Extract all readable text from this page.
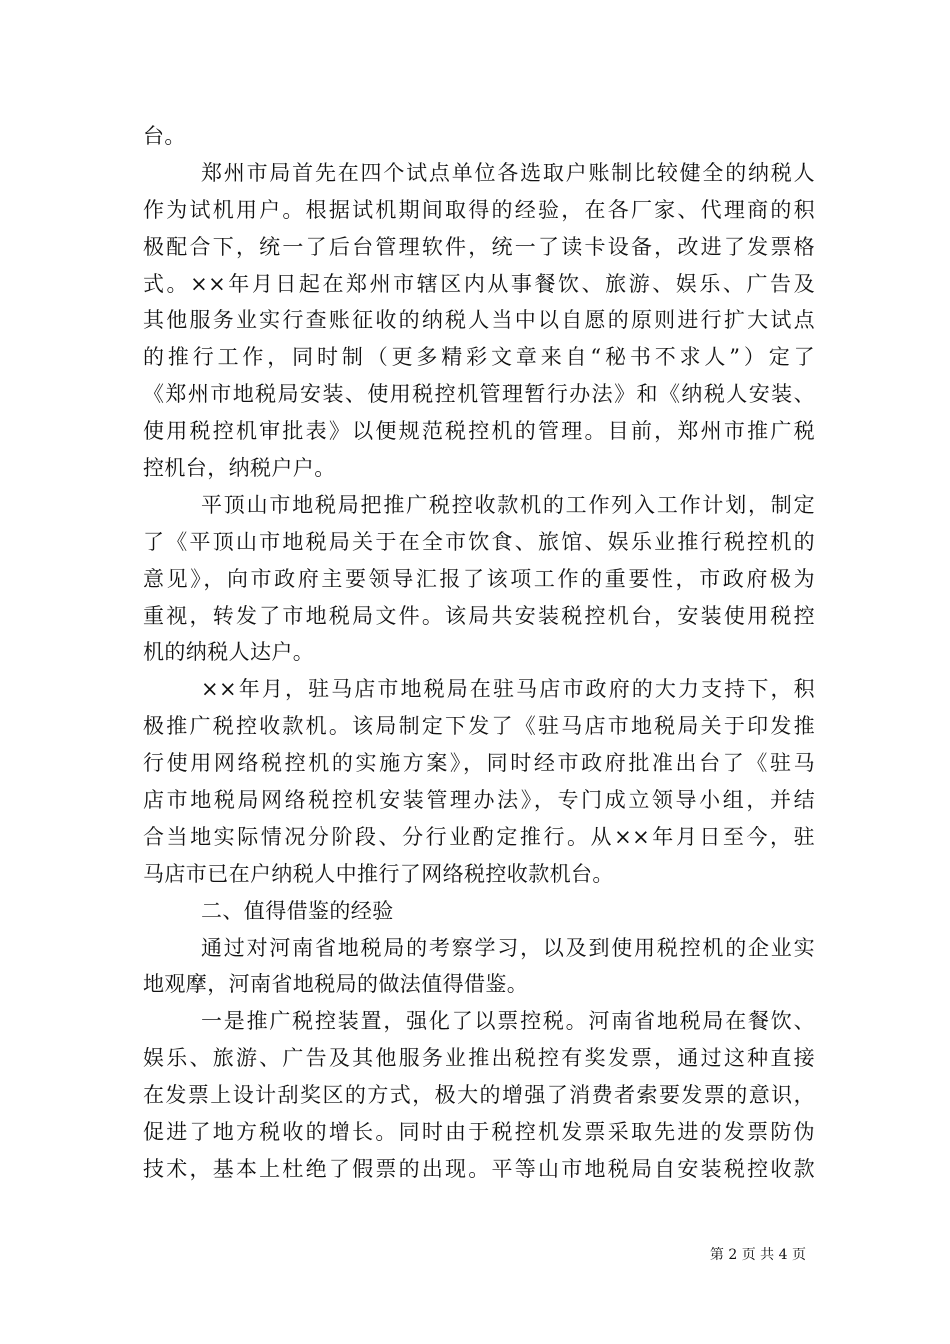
台。
郑州市局首先在四个试点单位各选取户账制比较健全的纳税人
作为试机用户。根据试机期间取得的经验，在各厂家、代理商的积
极配合下，统一了后台管理软件，统一了读卡设备，改进了发票格
式。××年月日起在郑州市辖区内从事餐饮、旅游、娱乐、广告及
其他服务业实行查账征收的纳税人当中以自愿的原则进行扩大试点
的推行工作，同时制（更多精彩文章来自“秘书不求人”）定了
《郑州市地税局安装、使用税控机管理暂行办法》和《纳税人安装、
使用税控机审批表》以便规范税控机的管理。目前，郑州市推广税
控机台，纳税户户。
平顶山市地税局把推广税控收款机的工作列入工作计划，制定
了《平顶山市地税局关于在全市饮食、旅馆、娱乐业推行税控机的
意见》，向市政府主要领导汇报了该项工作的重要性，市政府极为
重视，转发了市地税局文件。该局共安装税控机台，安装使用税控
机的纳税人达户。
××年月，驻马店市地税局在驻马店市政府的大力支持下，积
极推广税控收款机。该局制定下发了《驻马店市地税局关于印发推
行使用网络税控机的实施方案》，同时经市政府批准出台了《驻马
店市地税局网络税控机安装管理办法》，专门成立领导小组，并结
合当地实际情况分阶段、分行业酌定推行。从××年月日至今，驻
马店市已在户纳税人中推行了网络税控收款机台。
二、值得借鉴的经验
通过对河南省地税局的考察学习，以及到使用税控机的企业实
地观摩，河南省地税局的做法值得借鉴。
一是推广税控装置，强化了以票控税。河南省地税局在餐饮、
娱乐、旅游、广告及其他服务业推出税控有奖发票，通过这种直接
在发票上设计刮奖区的方式，极大的增强了消费者索要发票的意识，
促进了地方税收的增长。同时由于税控机发票采取先进的发票防伪
技术，基本上杜绝了假票的出现。平等山市地税局自安装税控收款
第 2 页 共 4 页
